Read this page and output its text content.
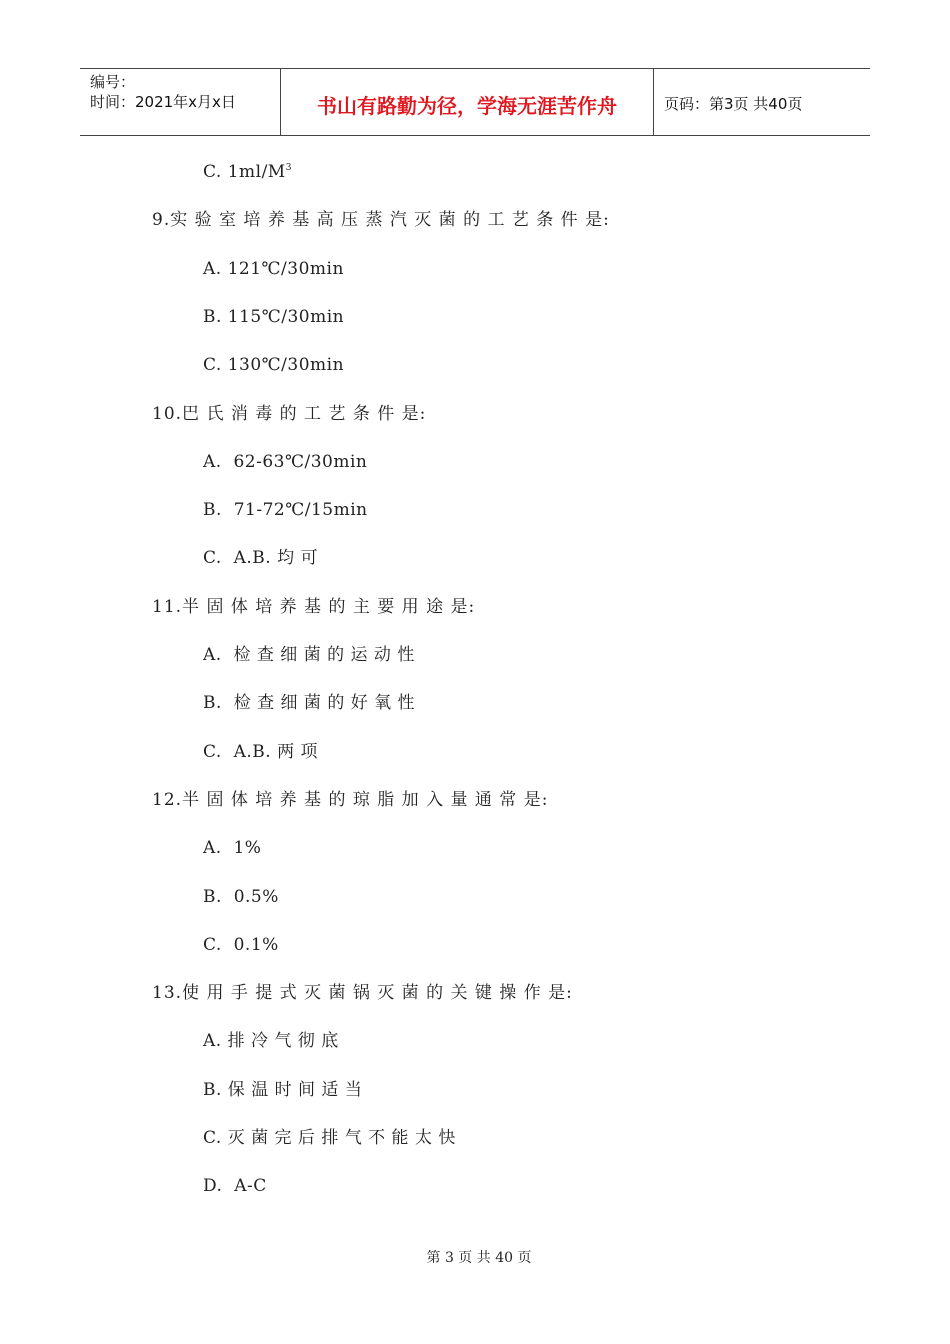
编号：
时间：2021年x月x日	书山有路勤为径，学海无涯苦作舟	页码：第3页 共40页
C. $1ml/M^3$
9.实 验 室 培 养 基 高 压 蒸 汽 灭 菌 的 工 艺 条 件 是:
A. 121℃/30min
B. 115℃/30min
C. 130℃/30min
10.巴 氏 消 毒 的 工 艺 条 件 是:
A.  62-63℃/30min
B.  71-72℃/15min
C.  A.B. 均 可
11.半 固 体 培 养 基 的 主 要 用 途 是:
A.  检 查 细 菌 的 运 动 性
B.  检 查 细 菌 的 好 氧 性
C.  A.B. 两 项
12.半 固 体 培 养 基 的 琼 脂 加 入 量 通 常 是:
A.  1%
B.  0.5%
C.  0.1%
13.使 用 手 提 式 灭 菌 锅 灭 菌 的 关 键 操 作 是:
A. 排 冷 气 彻 底
B. 保 温 时 间 适 当
C. 灭 菌 完 后 排 气 不 能 太 快
D.  A-C
第 3 页 共 40 页
